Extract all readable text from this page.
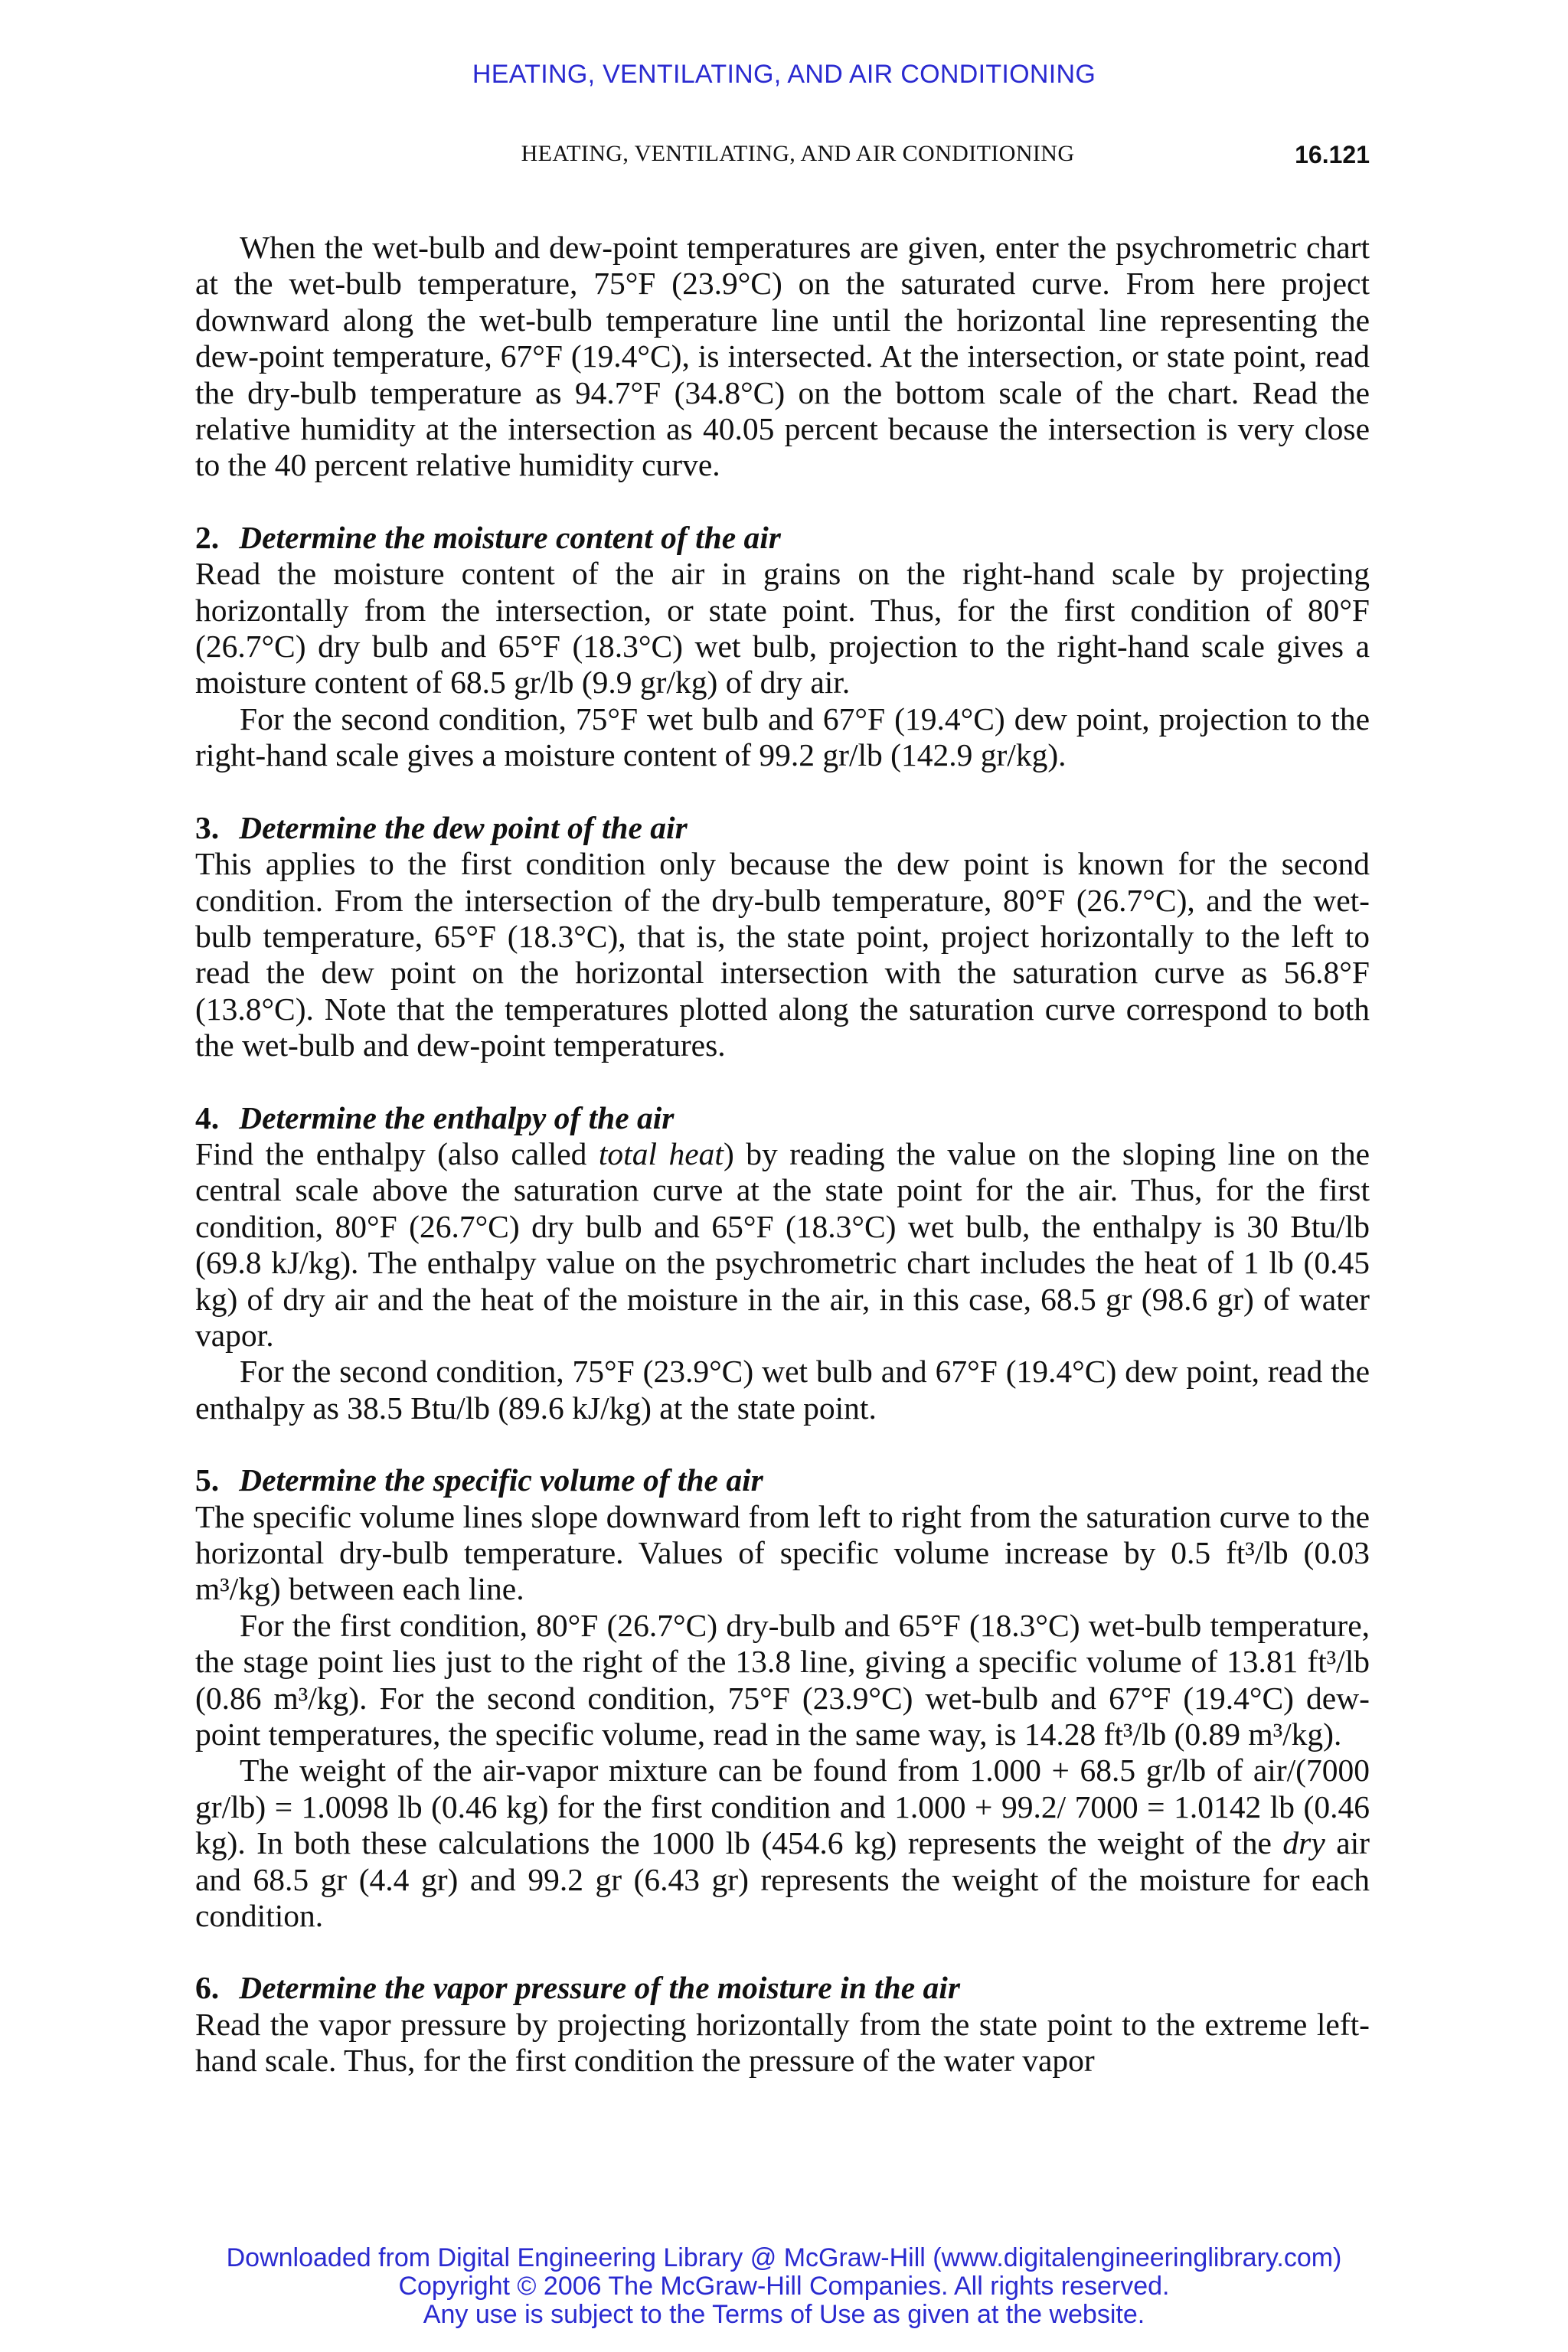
HEATING, VENTILATING, AND AIR CONDITIONING
HEATING, VENTILATING, AND AIR CONDITIONING	16.121

When the wet-bulb and dew-point temperatures are given, enter the psychrometric chart at the wet-bulb temperature, 75°F (23.9°C) on the saturated curve. From here project downward along the wet-bulb temperature line until the horizontal line representing the dew-point temperature, 67°F (19.4°C), is intersected. At the intersection, or state point, read the dry-bulb temperature as 94.7°F (34.8°C) on the bottom scale of the chart. Read the relative humidity at the intersection as 40.05 percent because the intersection is very close to the 40 percent relative humidity curve.

2. Determine the moisture content of the air

Read the moisture content of the air in grains on the right-hand scale by projecting horizontally from the intersection, or state point. Thus, for the first condition of 80°F (26.7°C) dry bulb and 65°F (18.3°C) wet bulb, projection to the right-hand scale gives a moisture content of 68.5 gr/lb (9.9 gr/kg) of dry air.

For the second condition, 75°F wet bulb and 67°F (19.4°C) dew point, projection to the right-hand scale gives a moisture content of 99.2 gr/lb (142.9 gr/kg).

3. Determine the dew point of the air

This applies to the first condition only because the dew point is known for the second condition. From the intersection of the dry-bulb temperature, 80°F (26.7°C), and the wet-bulb temperature, 65°F (18.3°C), that is, the state point, project horizontally to the left to read the dew point on the horizontal intersection with the saturation curve as 56.8°F (13.8°C). Note that the temperatures plotted along the saturation curve correspond to both the wet-bulb and dew-point temperatures.

4. Determine the enthalpy of the air

Find the enthalpy (also called total heat) by reading the value on the sloping line on the central scale above the saturation curve at the state point for the air. Thus, for the first condition, 80°F (26.7°C) dry bulb and 65°F (18.3°C) wet bulb, the enthalpy is 30 Btu/lb (69.8 kJ/kg). The enthalpy value on the psychrometric chart includes the heat of 1 lb (0.45 kg) of dry air and the heat of the moisture in the air, in this case, 68.5 gr (98.6 gr) of water vapor.

For the second condition, 75°F (23.9°C) wet bulb and 67°F (19.4°C) dew point, read the enthalpy as 38.5 Btu/lb (89.6 kJ/kg) at the state point.

5. Determine the specific volume of the air

The specific volume lines slope downward from left to right from the saturation curve to the horizontal dry-bulb temperature. Values of specific volume increase by 0.5 ft³/lb (0.03 m³/kg) between each line.

For the first condition, 80°F (26.7°C) dry-bulb and 65°F (18.3°C) wet-bulb temperature, the stage point lies just to the right of the 13.8 line, giving a specific volume of 13.81 ft³/lb (0.86 m³/kg). For the second condition, 75°F (23.9°C) wet-bulb and 67°F (19.4°C) dew-point temperatures, the specific volume, read in the same way, is 14.28 ft³/lb (0.89 m³/kg).

The weight of the air-vapor mixture can be found from 1.000 + 68.5 gr/lb of air/(7000 gr/lb) = 1.0098 lb (0.46 kg) for the first condition and 1.000 + 99.2/ 7000 = 1.0142 lb (0.46 kg). In both these calculations the 1000 lb (454.6 kg) represents the weight of the dry air and 68.5 gr (4.4 gr) and 99.2 gr (6.43 gr) represents the weight of the moisture for each condition.

6. Determine the vapor pressure of the moisture in the air

Read the vapor pressure by projecting horizontally from the state point to the extreme left-hand scale. Thus, for the first condition the pressure of the water vapor

Downloaded from Digital Engineering Library @ McGraw-Hill (www.digitalengineeringlibrary.com)
Copyright © 2006 The McGraw-Hill Companies. All rights reserved.
Any use is subject to the Terms of Use as given at the website.
